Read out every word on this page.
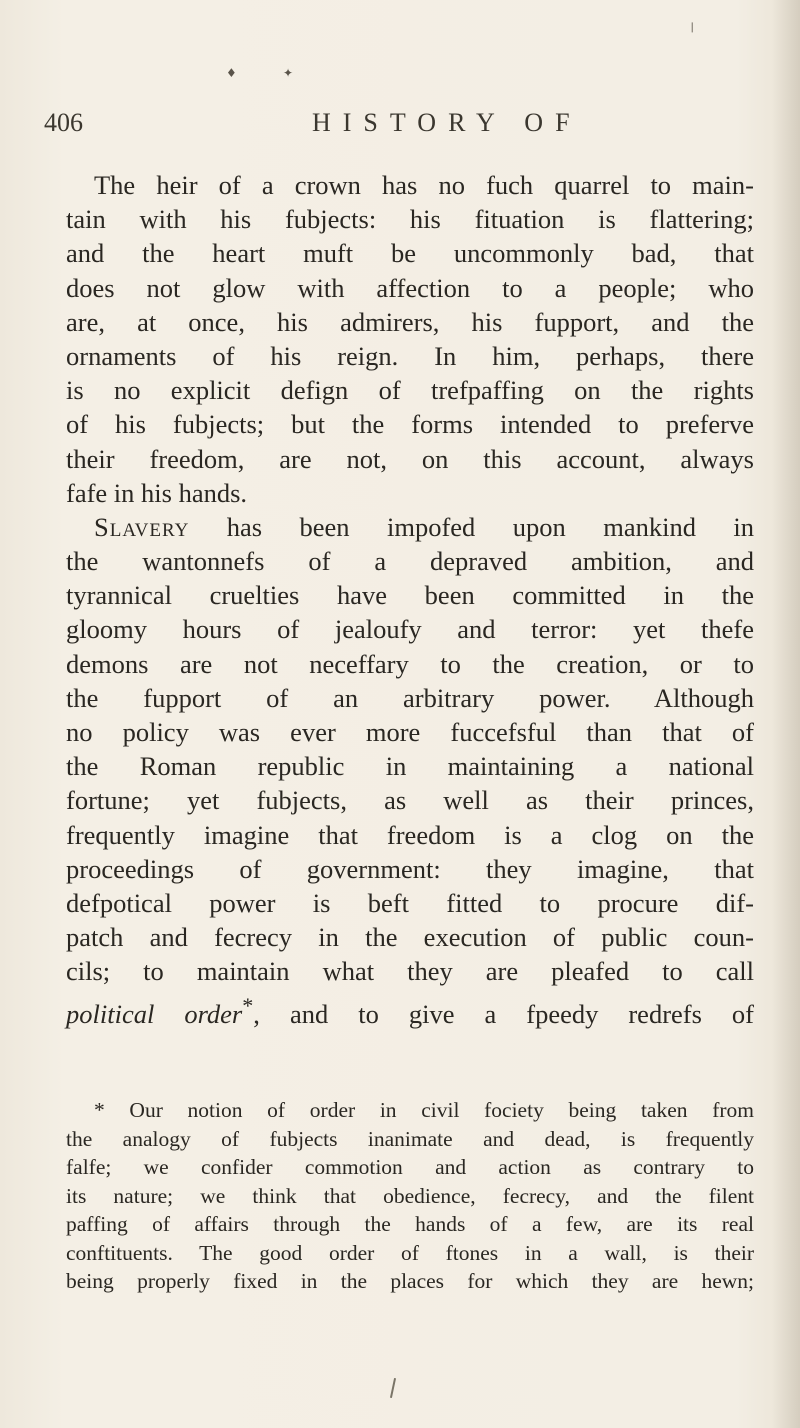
♦	✦
❘
406	HISTORY OF
The heir of a crown has no fuch quarrel to main-
tain with his fubjects: his fituation is flattering;
and the heart muft be uncommonly bad, that
does not glow with affection to a people; who
are, at once, his admirers, his fupport, and the
ornaments of his reign. In him, perhaps, there
is no explicit defign of trefpaffing on the rights
of his fubjects; but the forms intended to preferve
their freedom, are not, on this account, always
fafe in his hands.
Slavery has been impofed upon mankind in
the wantonnefs of a depraved ambition, and
tyrannical cruelties have been committed in the
gloomy hours of jealoufy and terror: yet thefe
demons are not neceffary to the creation, or to
the fupport of an arbitrary power. Although
no policy was ever more fuccefsful than that of
the Roman republic in maintaining a national
fortune; yet fubjects, as well as their princes,
frequently imagine that freedom is a clog on the
proceedings of government: they imagine, that
defpotical power is beft fitted to procure dif-
patch and fecrecy in the execution of public coun-
cils; to maintain what they are pleafed to call
political order*, and to give a fpeedy redrefs of
* Our notion of order in civil fociety being taken from
the analogy of fubjects inanimate and dead, is frequently
falfe; we confider commotion and action as contrary to
its nature; we think that obedience, fecrecy, and the filent
paffing of affairs through the hands of a few, are its real
conftituents. The good order of ftones in a wall, is their
being properly fixed in the places for which they are hewn;
